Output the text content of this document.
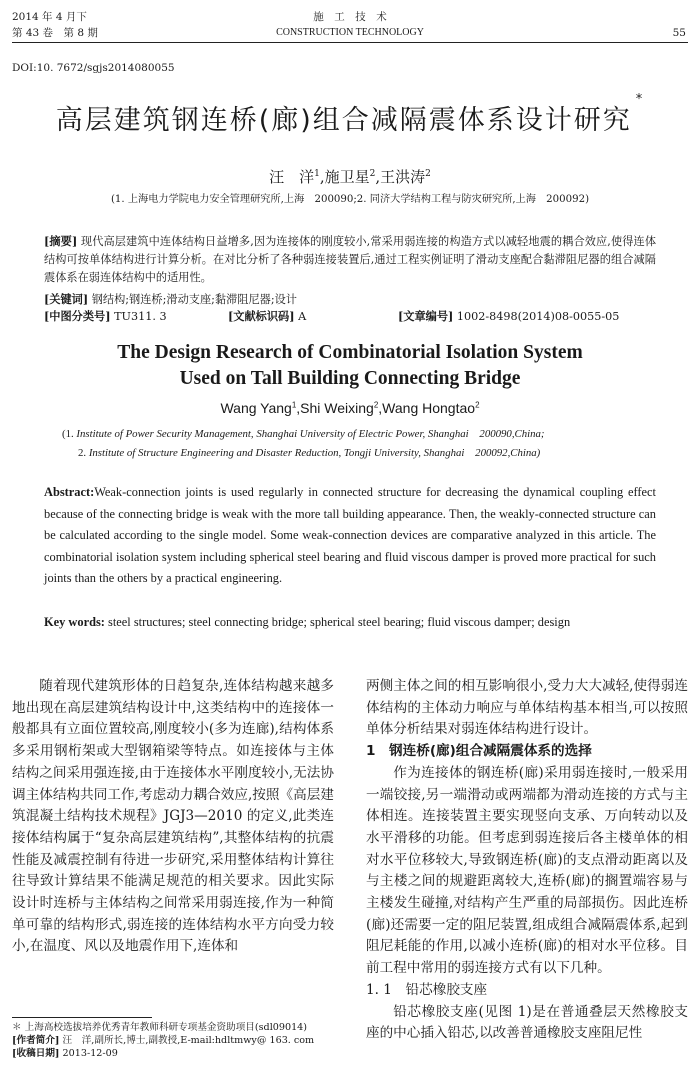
2014 年 4 月下
第 43 卷　第 8 期
施　工　技　术
CONSTRUCTION TECHNOLOGY	55
DOI:10. 7672/sgjs2014080055
高层建筑钢连桥(廊)组合减隔震体系设计研究*
汪　洋$^1$,施卫星$^2$,王洪涛$^2$
(1. 上海电力学院电力安全管理研究所,上海　200090;2. 同济大学结构工程与防灾研究所,上海　200092)
[摘要] 现代高层建筑中连体结构日益增多,因为连接体的刚度较小,常采用弱连接的构造方式以减轻地震的耦合效应,使得连体结构可按单体结构进行计算分析。在对比分析了各种弱连接装置后,通过工程实例证明了滑动支座配合黏滞阻尼器的组合减隔震体系在弱连体结构中的适用性。
[关键词] 钢结构;钢连桥;滑动支座;黏滞阻尼器;设计
[中图分类号] TU311. 3	[文献标识码] A	[文章编号] 1002-8498(2014)08-0055-05
The Design Research of Combinatorial Isolation System
Used on Tall Building Connecting Bridge
Wang Yang$^1$,Shi Weixing$^2$,Wang Hongtao$^2$
(1. Institute of Power Security Management, Shanghai University of Electric Power, Shanghai　200090,China;
2. Institute of Structure Engineering and Disaster Reduction, Tongji University, Shanghai　200092,China)
Abstract:Weak-connection joints is used regularly in connected structure for decreasing the dynamical coupling effect because of the connecting bridge is weak with the more tall building appearance. Then, the weakly-connected structure can be calculated according to the single model. Some weak-connection devices are comparative analyzed in this article. The combinatorial isolation system including spherical steel bearing and fluid viscous damper is proved more practical for such joints than the others by a practical engineering.
Key words: steel structures; steel connecting bridge; spherical steel bearing; fluid viscous damper; design

随着现代建筑形体的日趋复杂,连体结构越来越多地出现在高层建筑结构设计中,这类结构中的连接体一般都具有立面位置较高,刚度较小(多为连廊),结构体系多采用钢桁架或大型钢箱梁等特点。如连接体与主体结构之间采用强连接,由于连接体水平刚度较小,无法协调主体结构共同工作,考虑动力耦合效应,按照《高层建筑混凝土结构技术规程》JGJ3—2010 的定义,此类连接体结构属于“复杂高层建筑结构”,其整体结构的抗震性能及减震控制有待进一步研究,采用整体结构计算往往导致计算结果不能满足规范的相关要求。因此实际设计时连桥与主体结构之间常采用弱连接,作为一种简单可靠的结构形式,弱连接的连体结构水平方向受力较小,在温度、风以及地震作用下,连体和

两侧主体之间的相互影响很小,受力大大减轻,使得弱连体结构的主体动力响应与单体结构基本相当,可以按照单体分析结果对弱连体结构进行设计。

1　钢连桥(廊)组合减隔震体系的选择

作为连接体的钢连桥(廊)采用弱连接时,一般采用一端铰接,另一端滑动或两端都为滑动连接的方式与主体相连。连接装置主要实现竖向支承、万向转动以及水平滑移的功能。但考虑到弱连接后各主楼单体的相对水平位移较大,导致钢连桥(廊)的支点滑动距离以及与主楼之间的规避距离较大,连桥(廊)的搁置端容易与主楼发生碰撞,对结构产生严重的局部损伤。因此连桥(廊)还需要一定的阻尼装置,组成组合减隔震体系,起到阻尼耗能的作用,以减小连桥(廊)的相对水平位移。目前工程中常用的弱连接方式有以下几种。

1. 1　铅芯橡胶支座

铅芯橡胶支座(见图 1)是在普通叠层天然橡胶支座的中心插入铅芯,以改善普通橡胶支座阻尼性

＊ 上海高校选拔培养优秀青年教师科研专项基金资助项目(sdl09014)
[作者简介] 汪　洋,副所长,博士,副教授,E-mail:hdltmwy@ 163. com
[收稿日期] 2013-12-09
